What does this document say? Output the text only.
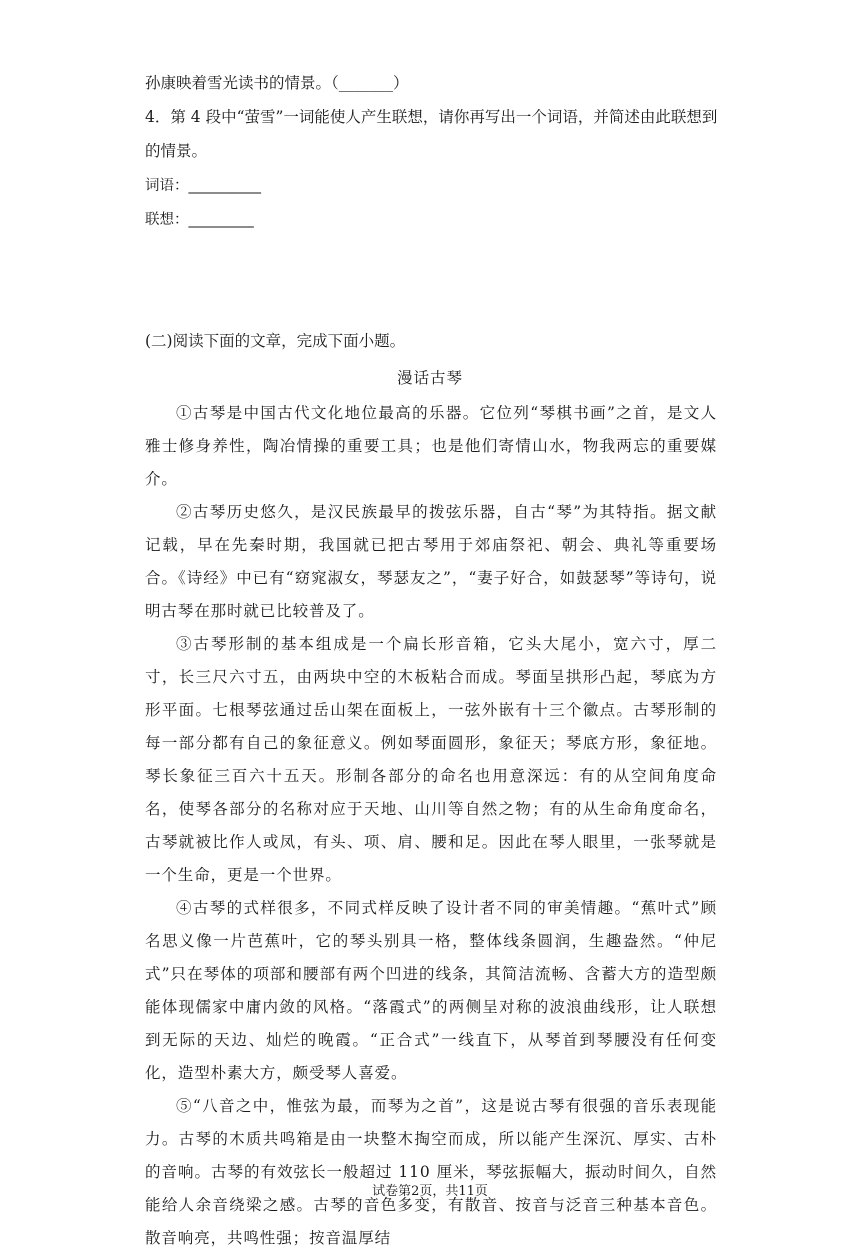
孙康映着雪光读书的情景。（_______）
4．第 4 段中“萤雪”一词能使人产生联想，请你再写出一个词语，并简述由此联想到
的情景。
词语：__________
联想：_________
(二)阅读下面的文章，完成下面小题。
漫话古琴

①古琴是中国古代文化地位最高的乐器。它位列“琴棋书画”之首，是文人雅士修身养性，陶冶情操的重要工具；也是他们寄情山水，物我两忘的重要媒介。

②古琴历史悠久，是汉民族最早的拨弦乐器，自古“琴”为其特指。据文献记载，早在先秦时期，我国就已把古琴用于郊庙祭祀、朝会、典礼等重要场合。《诗经》中已有“窈窕淑女，琴瑟友之”，“妻子好合，如鼓瑟琴”等诗句，说明古琴在那时就已比较普及了。

③古琴形制的基本组成是一个扁长形音箱，它头大尾小，宽六寸，厚二寸，长三尺六寸五，由两块中空的木板粘合而成。琴面呈拱形凸起，琴底为方形平面。七根琴弦通过岳山架在面板上，一弦外嵌有十三个徽点。古琴形制的每一部分都有自己的象征意义。例如琴面圆形，象征天；琴底方形，象征地。琴长象征三百六十五天。形制各部分的命名也用意深远：有的从空间角度命名，使琴各部分的名称对应于天地、山川等自然之物；有的从生命角度命名，古琴就被比作人或凤，有头、项、肩、腰和足。因此在琴人眼里，一张琴就是一个生命，更是一个世界。

④古琴的式样很多，不同式样反映了设计者不同的审美情趣。“蕉叶式”顾名思义像一片芭蕉叶，它的琴头别具一格，整体线条圆润，生趣盎然。“仲尼式”只在琴体的项部和腰部有两个凹进的线条，其简洁流畅、含蓄大方的造型颇能体现儒家中庸内敛的风格。“落霞式”的两侧呈对称的波浪曲线形，让人联想到无际的天边、灿烂的晚霞。“正合式”一线直下，从琴首到琴腰没有任何变化，造型朴素大方，颇受琴人喜爱。

⑤“八音之中，惟弦为最，而琴为之首”，这是说古琴有很强的音乐表现能力。古琴的木质共鸣箱是由一块整木掏空而成，所以能产生深沉、厚实、古朴的音响。古琴的有效弦长一般超过 110 厘米，琴弦振幅大，振动时间久，自然能给人余音绕梁之感。古琴的音色多变，有散音、按音与泛音三种基本音色。散音响亮，共鸣性强；按音温厚结

试卷第2页，共11页
